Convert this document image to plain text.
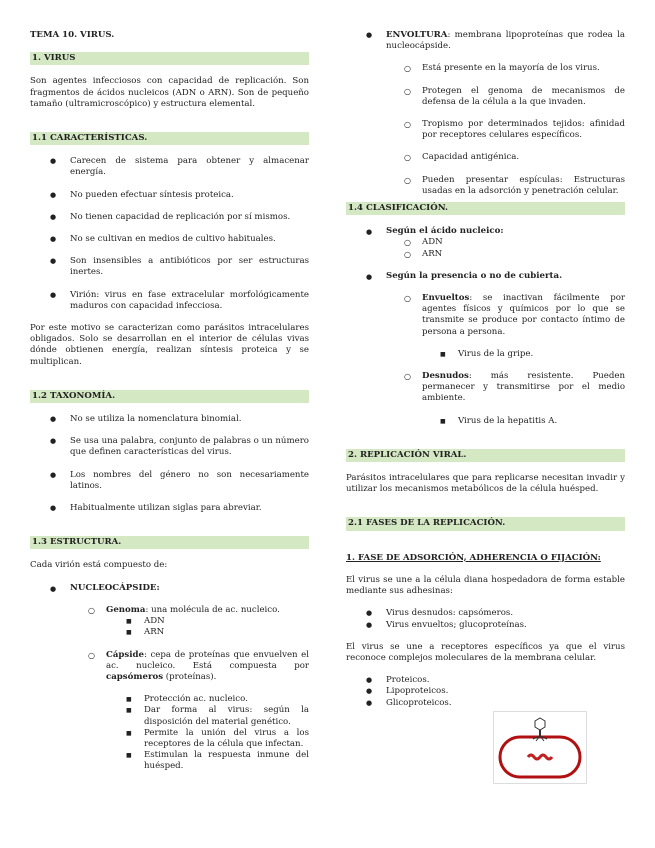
TEMA 10. VIRUS.
1. VIRUS

Son agentes infecciosos con capacidad de replicación. Son fragmentos de ácidos nucleicos (ADN o ARN). Son de pequeño tamaño (ultramicroscópico) y estructura elemental.

1.1 CARACTERÍSTICAS.
● Carecen de sistema para obtener y almacenar energía.
● No pueden efectuar síntesis proteica.
● No tienen capacidad de replicación por sí mismos.
● No se cultivan en medios de cultivo habituales.
● Son insensibles a antibióticos por ser estructuras inertes.
● Virión: virus en fase extracelular morfológicamente maduros con capacidad infecciosa.

Por este motivo se caracterizan como parásitos intracelulares obligados. Solo se desarrollan en el interior de células vivas dónde obtienen energía, realizan síntesis proteica y se multiplican.

1.2 TAXONOMÍA.
● No se utiliza la nomenclatura binomial.
● Se usa una palabra, conjunto de palabras o un número que definen características del virus.
● Los nombres del género no son necesariamente latinos.
● Habitualmente utilizan siglas para abreviar.
1.3 ESTRUCTURA.

Cada virión está compuesto de:

● NUCLEOCÁPSIDE:
○ Genoma: una molécula de ac. nucleico.
■ ADN
■ ARN
○ Cápside: cepa de proteínas que envuelven el ac. nucleico. Está compuesta por capsómeros (proteínas).
■ Protección ac. nucleico.
■ Dar forma al virus: según la disposición del material genético.
■ Permite la unión del virus a los receptores de la célula que infectan.
■ Estimulan la respuesta inmune del huésped.
● ENVOLTURA: membrana lipoproteínas que rodea la nucleocápside.
○ Está presente en la mayoría de los virus.
○ Protegen el genoma de mecanismos de defensa de la célula a la que invaden.
○ Tropismo por determinados tejidos: afinidad por receptores celulares específicos.
○ Capacidad antigénica.
○ Pueden presentar espículas: Estructuras usadas en la adsorción y penetración celular.
1.4 CLASIFICACIÓN.
● Según el ácido nucleico:
○ ADN
○ ARN
● Según la presencia o no de cubierta.
○ Envueltos: se inactivan fácilmente por agentes físicos y químicos por lo que se transmite se produce por contacto íntimo de persona a persona.
■ Virus de la gripe.
○ Desnudos: más resistente. Pueden permanecer y transmitirse por el medio ambiente.
■ Virus de la hepatitis A.
2. REPLICACIÓN VIRAL.

Parásitos intracelulares que para replicarse necesitan invadir y utilizar los mecanismos metabólicos de la célula huésped.

2.1 FASES DE LA REPLICACIÓN.

1. FASE DE ADSORCIÓN, ADHERENCIA O FIJACIÓN:

El virus se une a la célula diana hospedadora de forma estable mediante sus adhesinas:

● Virus desnudos: capsómeros.
● Virus envueltos; glucoproteínas.

El virus se une a receptores específicos ya que el virus reconoce complejos moleculares de la membrana celular.

● Proteicos.
● Lipoproteicos.
● Glicoproteicos.
